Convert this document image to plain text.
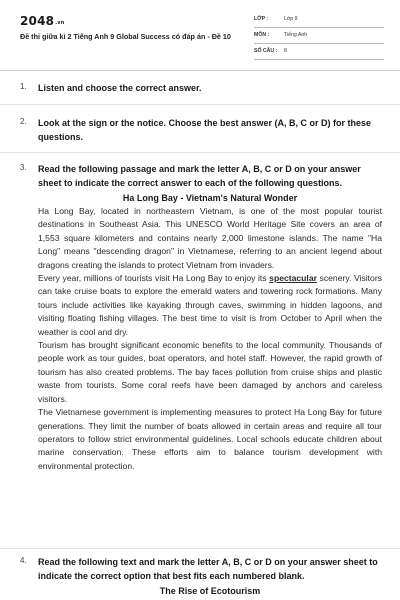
2048.vn
Đề thi giữa kì 2 Tiếng Anh 9 Global Success có đáp án - Đề 10
LỚP :	Lớp 9
MÔN :	Tiếng Anh
SỐ CÂU : 8
1. Listen and choose the correct answer.
2. Look at the sign or the notice. Choose the best answer (A, B, C or D) for these questions.
3. Read the following passage and mark the letter A, B, C or D on your answer sheet to indicate the correct answer to each of the following questions.
Ha Long Bay - Vietnam's Natural Wonder

Ha Long Bay, located in northeastern Vietnam, is one of the most popular tourist destinations in Southeast Asia. This UNESCO World Heritage Site covers an area of 1,553 square kilometers and contains nearly 2,000 limestone islands. The name "Ha Long" means "descending dragon" in Vietnamese, referring to an ancient legend about dragons creating the islands to protect Vietnam from invaders.

Every year, millions of tourists visit Ha Long Bay to enjoy its spectacular scenery. Visitors can take cruise boats to explore the emerald waters and towering rock formations. Many tours include activities like kayaking through caves, swimming in hidden lagoons, and visiting floating fishing villages. The best time to visit is from October to April when the weather is cool and dry.

Tourism has brought significant economic benefits to the local community. Thousands of people work as tour guides, boat operators, and hotel staff. However, the rapid growth of tourism has also created problems. The bay faces pollution from cruise ships and plastic waste from tourists. Some coral reefs have been damaged by anchors and careless visitors.

The Vietnamese government is implementing measures to protect Ha Long Bay for future generations. They limit the number of boats allowed in certain areas and require all tour operators to follow strict environmental guidelines. Local schools educate children about marine conservation. These efforts aim to balance tourism development with environmental protection.

4. Read the following text and mark the letter A, B, C or D on your answer sheet to indicate the correct option that best fits each numbered blank.
The Rise of Ecotourism
